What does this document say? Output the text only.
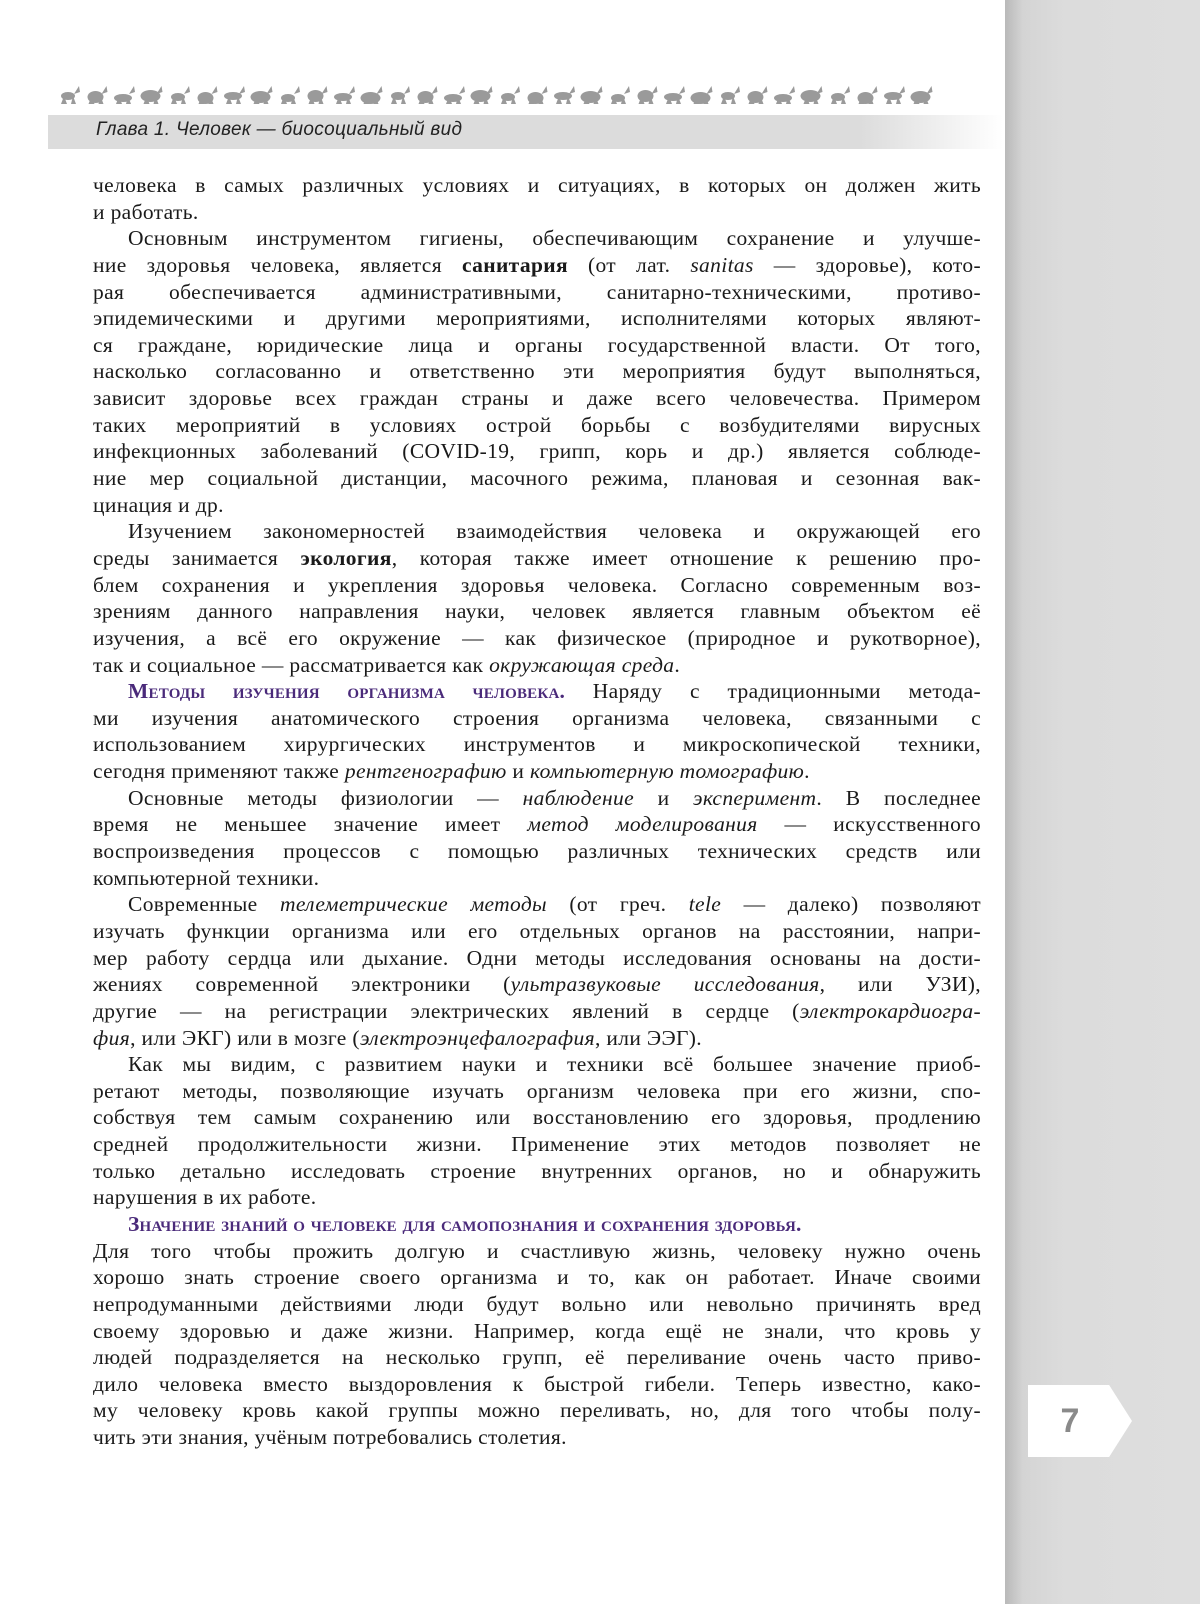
7
Глава 1. Человек — биосоциальный вид
человека в самых различных условиях и ситуациях, в которых он должен жить
и работать.
Основным инструментом гигиены, обеспечивающим сохранение и улучше-
ние здоровья человека, является санитария (от лат. sanitas — здоровье), кото-
рая обеспечивается административными, санитарно-техническими, противо-
эпидемическими и другими мероприятиями, исполнителями которых являют-
ся граждане, юридические лица и органы государственной власти. От того,
насколько согласованно и ответственно эти мероприятия будут выполняться,
зависит здоровье всех граждан страны и даже всего человечества. Примером
таких мероприятий в условиях острой борьбы с возбудителями вирусных
инфекционных заболеваний (COVID-19, грипп, корь и др.) является соблюде-
ние мер социальной дистанции, масочного режима, плановая и сезонная вак-
цинация и др.
Изучением закономерностей взаимодействия человека и окружающей его
среды занимается экология, которая также имеет отношение к решению про-
блем сохранения и укрепления здоровья человека. Согласно современным воз-
зрениям данного направления науки, человек является главным объектом её
изучения, а всё его окружение — как физическое (природное и рукотворное),
так и социальное — рассматривается как окружающая среда.
Методы изучения организма человека. Наряду с традиционными метода-
ми изучения анатомического строения организма человека, связанными с
использованием хирургических инструментов и микроскопической техники,
сегодня применяют также рентгенографию и компьютерную томографию.
Основные методы физиологии — наблюдение и эксперимент. В последнее
время не меньшее значение имеет метод моделирования — искусственного
воспроизведения процессов с помощью различных технических средств или
компьютерной техники.
Современные телеметрические методы (от греч. tele — далеко) позволяют
изучать функции организма или его отдельных органов на расстоянии, напри-
мер работу сердца или дыхание. Одни методы исследования основаны на дости-
жениях современной электроники (ультразвуковые исследования, или УЗИ),
другие — на регистрации электрических явлений в сердце (электрокардиогра-
фия, или ЭКГ) или в мозге (электроэнцефалография, или ЭЭГ).
Как мы видим, с развитием науки и техники всё большее значение приоб-
ретают методы, позволяющие изучать организм человека при его жизни, спо-
собствуя тем самым сохранению или восстановлению его здоровья, продлению
средней продолжительности жизни. Применение этих методов позволяет не
только детально исследовать строение внутренних органов, но и обнаружить
нарушения в их работе.
Значение знаний о человеке для самопознания и сохранения здоровья.
Для того чтобы прожить долгую и счастливую жизнь, человеку нужно очень
хорошо знать строение своего организма и то, как он работает. Иначе своими
непродуманными действиями люди будут вольно или невольно причинять вред
своему здоровью и даже жизни. Например, когда ещё не знали, что кровь у
людей подразделяется на несколько групп, её переливание очень часто приво-
дило человека вместо выздоровления к быстрой гибели. Теперь известно, како-
му человеку кровь какой группы можно переливать, но, для того чтобы полу-
чить эти знания, учёным потребовались столетия.
